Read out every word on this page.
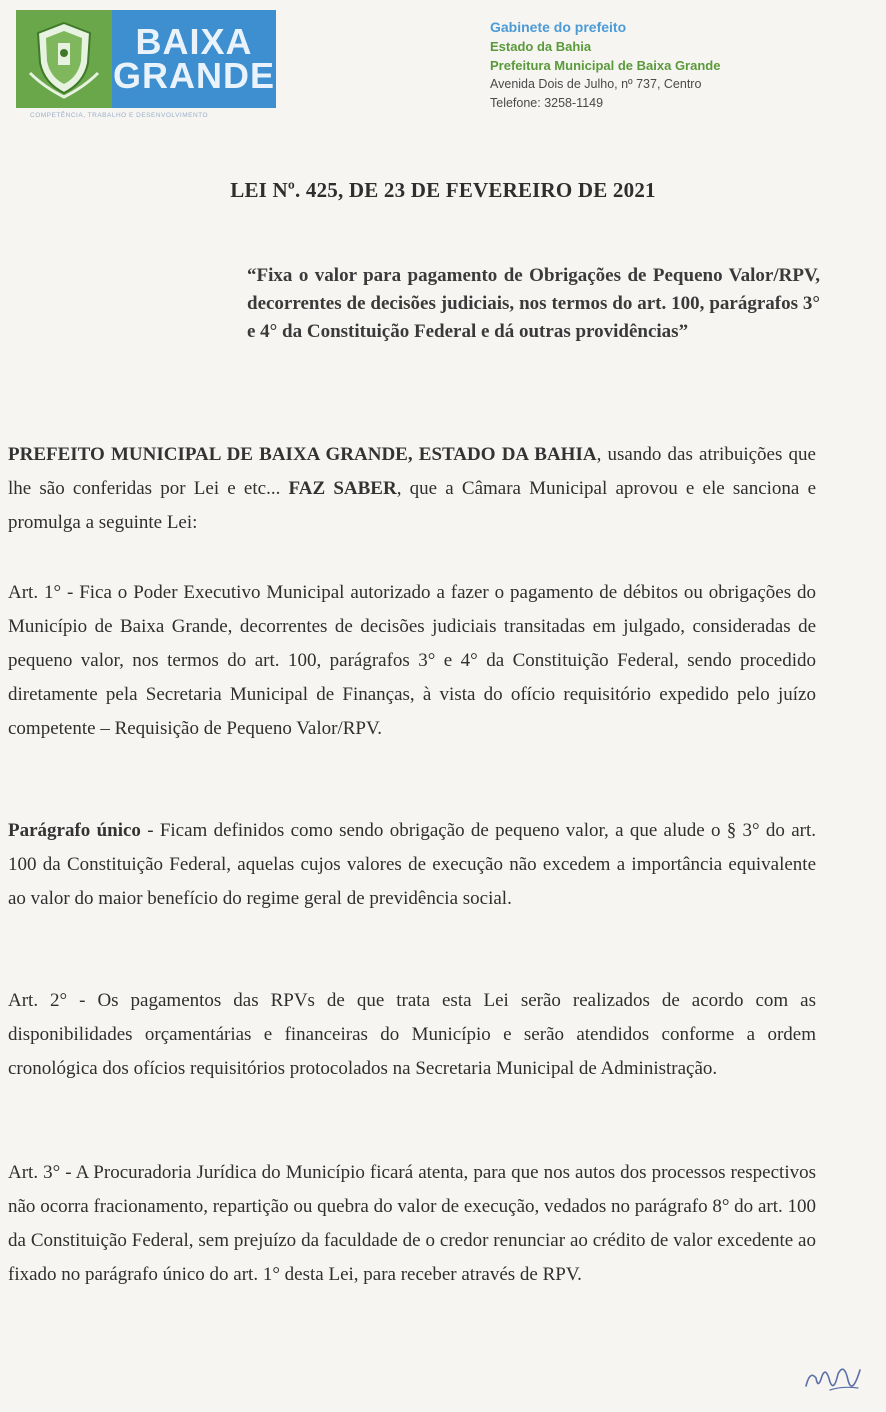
BAIXA
GRANDE
COMPETÊNCIA, TRABALHO E DESENVOLVIMENTO
Gabinete do prefeito
Estado da Bahia
Prefeitura Municipal de Baixa Grande
Avenida Dois de Julho, nº 737, Centro
Telefone: 3258-1149
LEI Nº. 425, DE 23 DE FEVEREIRO DE 2021
“Fixa o valor para pagamento de Obrigações de Pequeno Valor/RPV, decorrentes de decisões judiciais, nos termos do art. 100, parágrafos 3° e 4° da Constituição Federal e dá outras providências”
PREFEITO MUNICIPAL DE BAIXA GRANDE, ESTADO DA BAHIA, usando das atribuições que lhe são conferidas por Lei e etc... FAZ SABER, que a Câmara Municipal aprovou e ele sanciona e promulga a seguinte Lei:
Art. 1° - Fica o Poder Executivo Municipal autorizado a fazer o pagamento de débitos ou obrigações do Município de Baixa Grande, decorrentes de decisões judiciais transitadas em julgado, consideradas de pequeno valor, nos termos do art. 100, parágrafos 3° e 4° da Constituição Federal, sendo procedido diretamente pela Secretaria Municipal de Finanças, à vista do ofício requisitório expedido pelo juízo competente – Requisição de Pequeno Valor/RPV.
Parágrafo único - Ficam definidos como sendo obrigação de pequeno valor, a que alude o § 3° do art. 100 da Constituição Federal, aquelas cujos valores de execução não excedem a importância equivalente ao valor do maior benefício do regime geral de previdência social.
Art. 2° - Os pagamentos das RPVs de que trata esta Lei serão realizados de acordo com as disponibilidades orçamentárias e financeiras do Município e serão atendidos conforme a ordem cronológica dos ofícios requisitórios protocolados na Secretaria Municipal de Administração.
Art. 3° - A Procuradoria Jurídica do Município ficará atenta, para que nos autos dos processos respectivos não ocorra fracionamento, repartição ou quebra do valor de execução, vedados no parágrafo 8° do art. 100 da Constituição Federal, sem prejuízo da faculdade de o credor renunciar ao crédito de valor excedente ao fixado no parágrafo único do art. 1° desta Lei, para receber através de RPV.
